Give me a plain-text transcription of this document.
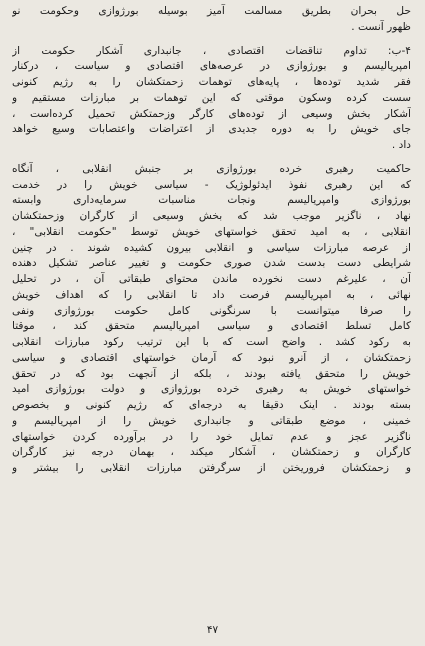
حل بحران بطریق مسالمت آمیز بوسیله بورژوازی وحکومت نو
ظهور آنست .
۴-ب: تداوم تناقضات اقتصادی ، جانبداری آشکار حکومت از
امپریالیسم و بورژوازی در عرصه‌های اقتصادی و سیاست ، درکنار
فقر شدید توده‌ها ، پایه‌های توهمات زحمتکشان را به رژیم کنونی
سست کرده وسکون موقتی که این توهمات بر مبارزات مستقیم و
آشکار بخش وسیعی از توده‌های کارگر وزحمتکش تحمیل کرده‌است ،
جای خویش را به دوره جدیدی از اعتراضات واعتصابات وسیع خواهد
داد .
حاکمیت رهبری خرده بورژوازی بر جنبش انقلابی ، آنگاه
که این رهبری نفوذ ایدئولوژیک - سیاسی خویش را در خدمت
بورژوازی وامپریالیسم ونجات مناسبات سرمایه‌داری وابسته
نهاد ، ناگزیر موجب شد که بخش وسیعی از کارگران وزحمتکشان
انقلابی ، به امید تحقق خواستهای خویش توسط "حکومت انقلابی" ،
از عرصه مبارزات سیاسی و انقلابی بیرون کشیده شوند . در چنین
شرایطی دست بدست شدن صوری حکومت و تغییر عناصر تشکیل دهنده
آن ، علیرغم دست نخورده ماندن محتوای طبقاتی آن ، در تحلیل
نهائی ، به امپریالیسم فرصت داد تا انقلابی را که اهداف خویش
را صرفا میتوانست با سرنگونی کامل حکومت بورژوازی ونفی
کامل تسلط اقتصادی و سیاسی امپریالیسم متحقق کند ، موقتا
به رکود کشد . واضح است که با این ترتیب رکود مبارزات انقلابی
زحمتکشان ، از آنرو نبود که آرمان خواستهای اقتصادی و سیاسی
خویش را متحقق یافته بودند ، بلکه از آنجهت بود که در تحقق
خواستهای خویش به رهبری خرده بورژوازی و دولت بورژوازی امید
بسته بودند . اینک دقیقا به درجه‌ای که رژیم کنونی و بخصوص
خمینی ، موضع طبقاتی و جانبداری خویش را از امپریالیسم و
ناگزیر عجز و عدم تمایل خود را در برآورده کردن خواستهای
کارگران و زحمتکشان ، آشکار میکند ، بهمان درجه نیز کارگران
و زحمتکشان فروریختن از سرگرفتن مبارزات انقلابی را بیشتر و
۴۷
